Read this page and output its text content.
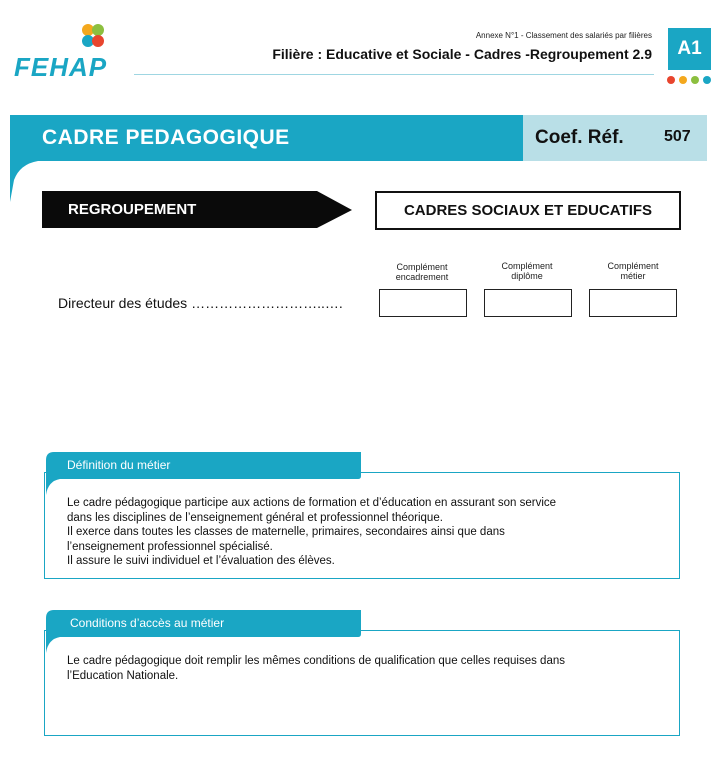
FEHAP
Annexe N°1 - Classement des salariés par filières
Filière : Educative et Sociale - Cadres -Regroupement 2.9	A1
CADRE PEDAGOGIQUE	Coef. Réf.	507
REGROUPEMENT	CADRES SOCIAUX ET EDUCATIFS
Complément
encadrement
Complément
diplôme
Complément
métier
Directeur des études ………………………..….
Définition du métier

Le cadre pédagogique participe aux actions de formation et d’éducation en assurant son service

dans les disciplines de l’enseignement général et professionnel théorique.

Il exerce dans toutes les classes de maternelle, primaires, secondaires ainsi que dans

l’enseignement professionnel spécialisé.

Il assure le suivi individuel et l’évaluation des élèves.

Conditions d’accès au métier

Le cadre pédagogique doit remplir les mêmes conditions de qualification que celles requises dans

l’Education Nationale.
